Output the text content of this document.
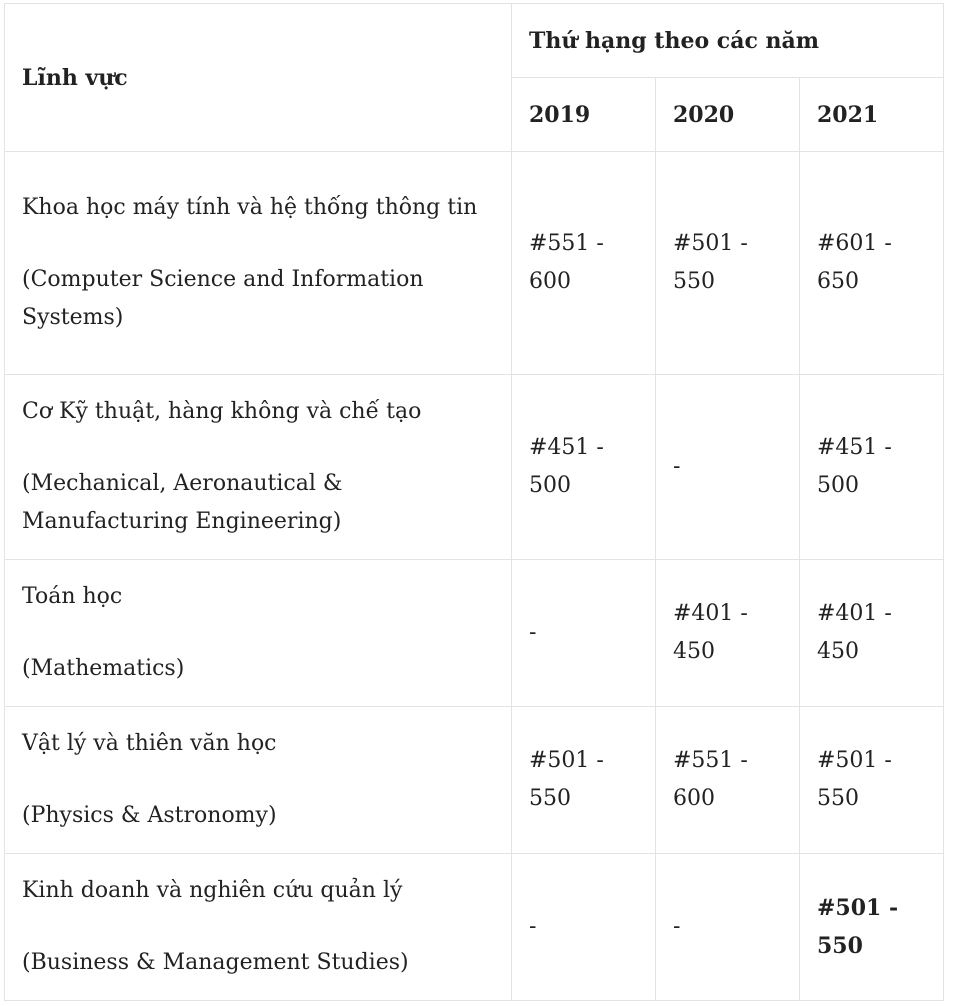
Lĩnh vực	Thứ hạng theo các năm		
	2019	2020	2021

Khoa học máy tính và hệ thống thông tin
(Computer Science and Information Systems)	#551 - 600	#501 - 550	#601 - 650

Cơ Kỹ thuật, hàng không và chế tạo
(Mechanical, Aeronautical & Manufacturing Engineering)	#451 - 500	-	#451 - 500

Toán học
(Mathematics)	-	#401 - 450	#401 - 450

Vật lý và thiên văn học
(Physics & Astronomy)	#501 - 550	#551 - 600	#501 - 550

Kinh doanh và nghiên cứu quản lý
(Business & Management Studies)	-	-	#501 - 550
